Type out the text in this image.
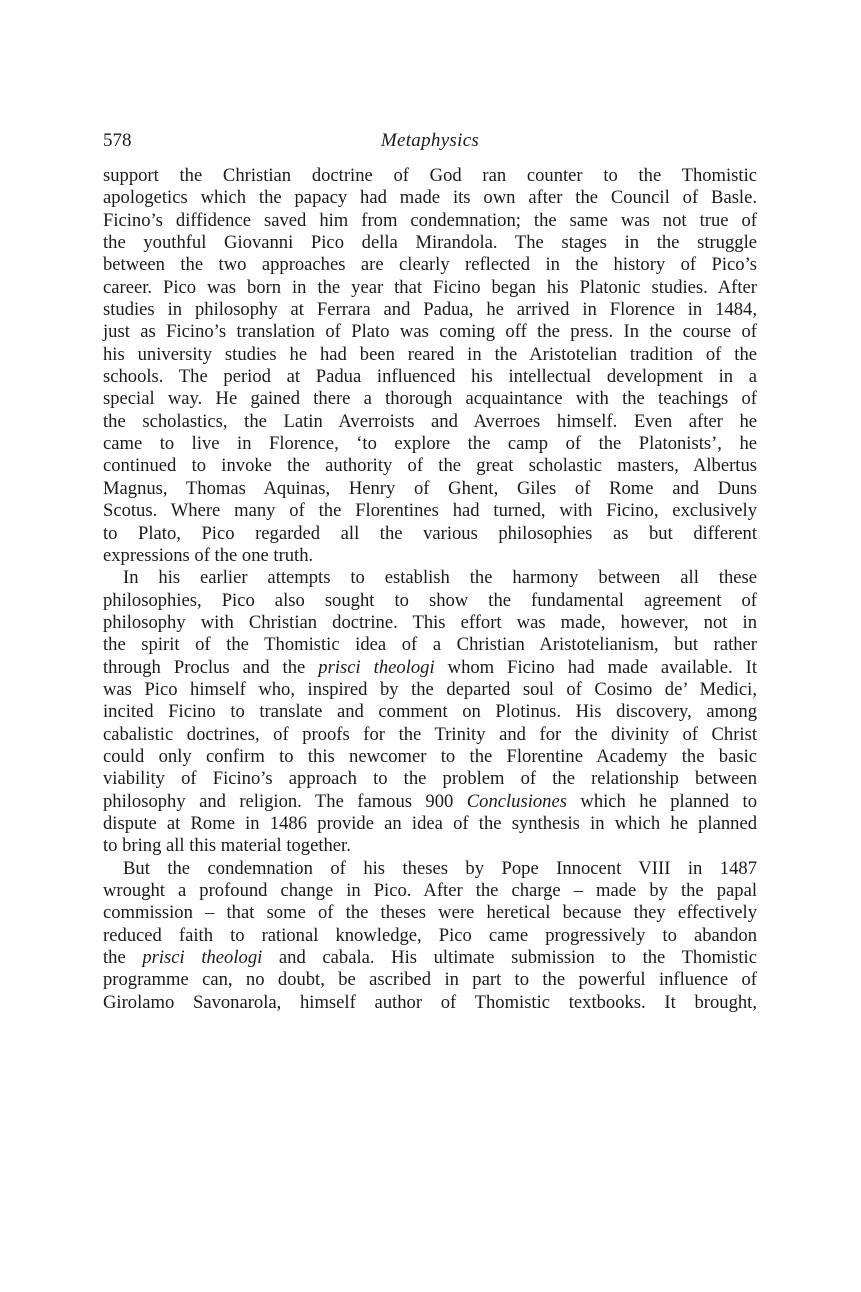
578	Metaphysics
support the Christian doctrine of God ran counter to the Thomistic
apologetics which the papacy had made its own after the Council of Basle.
Ficino’s diffidence saved him from condemnation; the same was not true of
the youthful Giovanni Pico della Mirandola. The stages in the struggle
between the two approaches are clearly reflected in the history of Pico’s
career. Pico was born in the year that Ficino began his Platonic studies. After
studies in philosophy at Ferrara and Padua, he arrived in Florence in 1484,
just as Ficino’s translation of Plato was coming off the press. In the course of
his university studies he had been reared in the Aristotelian tradition of the
schools. The period at Padua influenced his intellectual development in a
special way. He gained there a thorough acquaintance with the teachings of
the scholastics, the Latin Averroists and Averroes himself. Even after he
came to live in Florence, ‘to explore the camp of the Platonists’, he
continued to invoke the authority of the great scholastic masters, Albertus
Magnus, Thomas Aquinas, Henry of Ghent, Giles of Rome and Duns
Scotus. Where many of the Florentines had turned, with Ficino, exclusively
to Plato, Pico regarded all the various philosophies as but different
expressions of the one truth.
In his earlier attempts to establish the harmony between all these
philosophies, Pico also sought to show the fundamental agreement of
philosophy with Christian doctrine. This effort was made, however, not in
the spirit of the Thomistic idea of a Christian Aristotelianism, but rather
through Proclus and the prisci theologi whom Ficino had made available. It
was Pico himself who, inspired by the departed soul of Cosimo de’ Medici,
incited Ficino to translate and comment on Plotinus. His discovery, among
cabalistic doctrines, of proofs for the Trinity and for the divinity of Christ
could only confirm to this newcomer to the Florentine Academy the basic
viability of Ficino’s approach to the problem of the relationship between
philosophy and religion. The famous 900 Conclusiones which he planned to
dispute at Rome in 1486 provide an idea of the synthesis in which he planned
to bring all this material together.
But the condemnation of his theses by Pope Innocent VIII in 1487
wrought a profound change in Pico. After the charge – made by the papal
commission – that some of the theses were heretical because they effectively
reduced faith to rational knowledge, Pico came progressively to abandon
the prisci theologi and cabala. His ultimate submission to the Thomistic
programme can, no doubt, be ascribed in part to the powerful influence of
Girolamo Savonarola, himself author of Thomistic textbooks. It brought,
